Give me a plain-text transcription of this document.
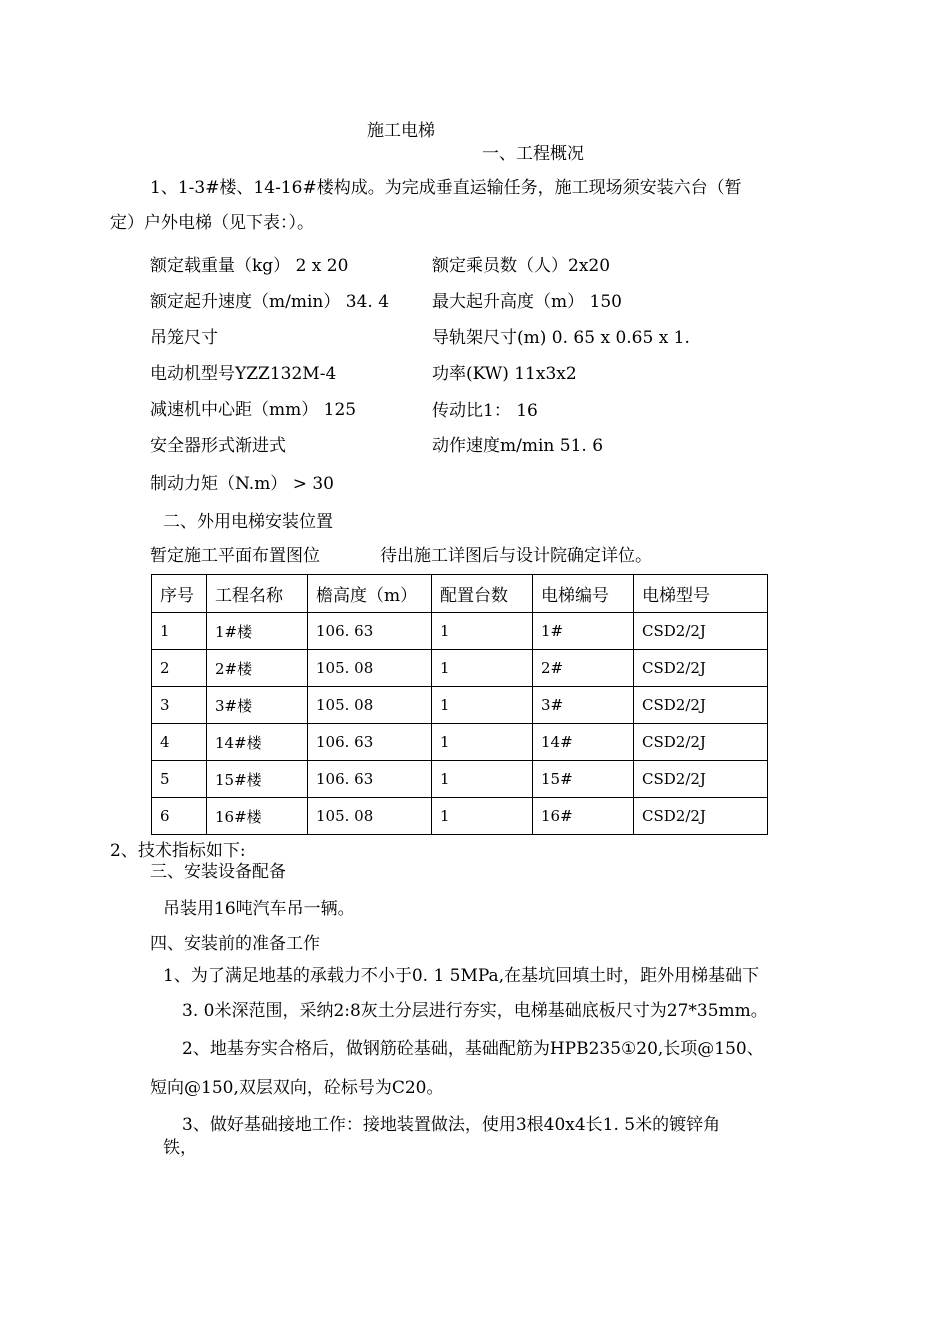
施工电梯
一、工程概况
1、1-3#楼、14-16#楼构成。为完成垂直运输任务，施工现场须安装六台（暂
定）户外电梯（见下表：）。
额定载重量（kg） 2 x 20	额定乘员数（人）2x20
额定起升速度（m/min） 34. 4	最大起升高度（m） 150
吊笼尺寸	导轨架尺寸(m) 0. 65 x 0.65 x 1.
电动机型号YZZ132M-4	功率(KW) 11x3x2
减速机中心距（mm） 125	传动比1： 16
安全器形式渐进式	动作速度m/min 51. 6
制动力矩（N.m） > 30
二、外用电梯安装位置
暂定施工平面布置图位	待出施工详图后与设计院确定详位。
序号	工程名称	檐高度（m）	配置台数	电梯编号	电梯型号
1	1#楼	106. 63	1	1#	CSD2/2J
2	2#楼	105. 08	1	2#	CSD2/2J
3	3#楼	105. 08	1	3#	CSD2/2J
4	14#楼	106. 63	1	14#	CSD2/2J
5	15#楼	106. 63	1	15#	CSD2/2J
6	16#楼	105. 08	1	16#	CSD2/2J
2、技术指标如下:
三、安装设备配备
吊装用16吨汽车吊一辆。
四、安装前的准备工作
1、为了满足地基的承载力不小于0. 1 5MPa,在基坑回填土时，距外用梯基础下
3. 0米深范围，采纳2:8灰土分层进行夯实，电梯基础底板尺寸为27*35mm。
2、地基夯实合格后，做钢筋砼基础，基础配筋为HPB235①20,长项@150、
短向@150,双层双向，砼标号为C20。
3、做好基础接地工作：接地装置做法，使用3根40x4长1. 5米的镀锌角
铁，
